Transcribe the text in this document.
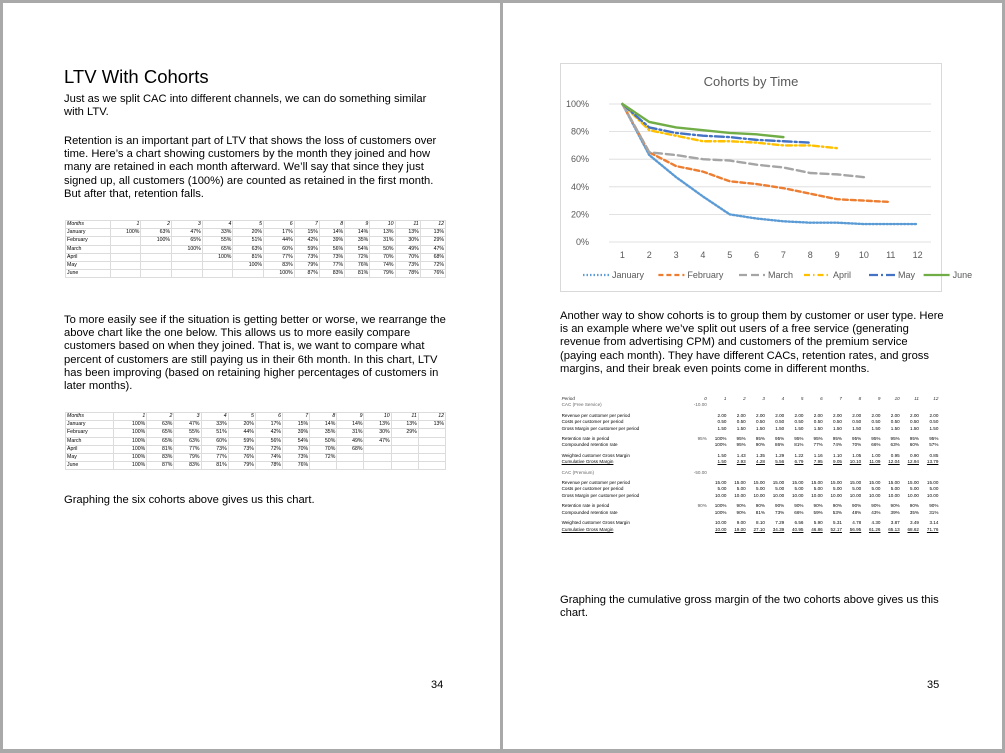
LTV With Cohorts

Just as we split CAC into different channels, we can do something similar with LTV.

Retention is an important part of LTV that shows the loss of customers over time. Here’s a chart showing customers by the month they joined and how many are retained in each month afterward. We’ll say that since they just signed up, all customers (100%) are counted as retained in the first month. But after that, retention falls.

Months	1	2	3	4	5	6	7	8	9	10	11	12
January	100%	63%	47%	33%	20%	17%	15%	14%	14%	13%	13%	13%
February		100%	65%	55%	51%	44%	42%	39%	35%	31%	30%	29%
March			100%	65%	63%	60%	59%	56%	54%	50%	49%	47%
April				100%	81%	77%	73%	73%	72%	70%	70%	68%
May					100%	83%	79%	77%	76%	74%	73%	72%
June						100%	87%	83%	81%	79%	78%	76%

To more easily see if the situation is getting better or worse, we rearrange the above chart like the one below. This allows us to more easily compare customers based on when they joined. That is, we want to compare what percent of customers are still paying us in their 6th month. In this chart, LTV has been improving (based on retaining higher percentages of customers in later months).

Months	1	2	3	4	5	6	7	8	9	10	11	12
January	100%	63%	47%	33%	20%	17%	15%	14%	14%	13%	13%	13%
February	100%	65%	55%	51%	44%	42%	39%	35%	31%	30%	29%	
March	100%	65%	63%	60%	59%	56%	54%	50%	49%	47%		
April	100%	81%	77%	73%	73%	72%	70%	70%	68%			
May	100%	83%	79%	77%	76%	74%	73%	72%				
June	100%	87%	83%	81%	79%	78%	76%					

Graphing the six cohorts above gives us this chart.

34
Cohorts by Time
0%
20%
40%
60%
80%
100%
1 2 3 4 5 6 7 8 9 10 11 12
January	February	March	April	May	June

Another way to show cohorts is to group them by customer or user type. Here is an example where we’ve split out users of a free service (generating revenue from advertising CPM) and customers of the premium service (paying each month). They have different CACs, retention rates, and gross margins, and their break even points come in different months.

Period	0	1	2	3	4	5	6	7	8	9	10	11	12
CAC (Free Service)	-10.00												

Revenue per customer per period		2.00	2.00	2.00	2.00	2.00	2.00	2.00	2.00	2.00	2.00	2.00	2.00
Costs per customer per period		0.50	0.50	0.50	0.50	0.50	0.50	0.50	0.50	0.50	0.50	0.50	0.50
Gross Margin per customer per period		1.50	1.50	1.50	1.50	1.50	1.50	1.50	1.50	1.50	1.50	1.50	1.50

Retention rate in period	95%	100%	95%	95%	95%	95%	95%	95%	95%	95%	95%	95%	95%
Compounded retention rate		100%	95%	90%	86%	81%	77%	74%	70%	66%	63%	60%	57%

Weighted customer Gross Margin		1.50	1.43	1.35	1.29	1.22	1.16	1.10	1.05	1.00	0.95	0.90	0.85
Cumulative Gross Margin		1.50	2.93	4.28	5.56	6.79	7.95	9.05	10.10	11.09	12.04	12.94	13.79

CAC (Premium)	-50.00												

Revenue per customer per period		15.00	15.00	15.00	15.00	15.00	15.00	15.00	15.00	15.00	15.00	15.00	15.00
Costs per customer per period		5.00	5.00	5.00	5.00	5.00	5.00	5.00	5.00	5.00	5.00	5.00	5.00
Gross Margin per customer per period		10.00	10.00	10.00	10.00	10.00	10.00	10.00	10.00	10.00	10.00	10.00	10.00

Retention rate in period	90%	100%	90%	90%	90%	90%	90%	90%	90%	90%	90%	90%	90%
Compounded retention rate		100%	90%	81%	73%	66%	59%	53%	48%	43%	39%	35%	31%

Weighted customer Gross Margin		10.00	9.00	8.10	7.29	6.56	5.90	5.31	4.78	4.30	3.87	3.49	3.14
Cumulative Gross Margin		10.00	19.00	27.10	34.39	40.95	46.86	52.17	56.95	61.26	65.13	68.62	71.76

Graphing the cumulative gross margin of the two cohorts above gives us this chart.

35
